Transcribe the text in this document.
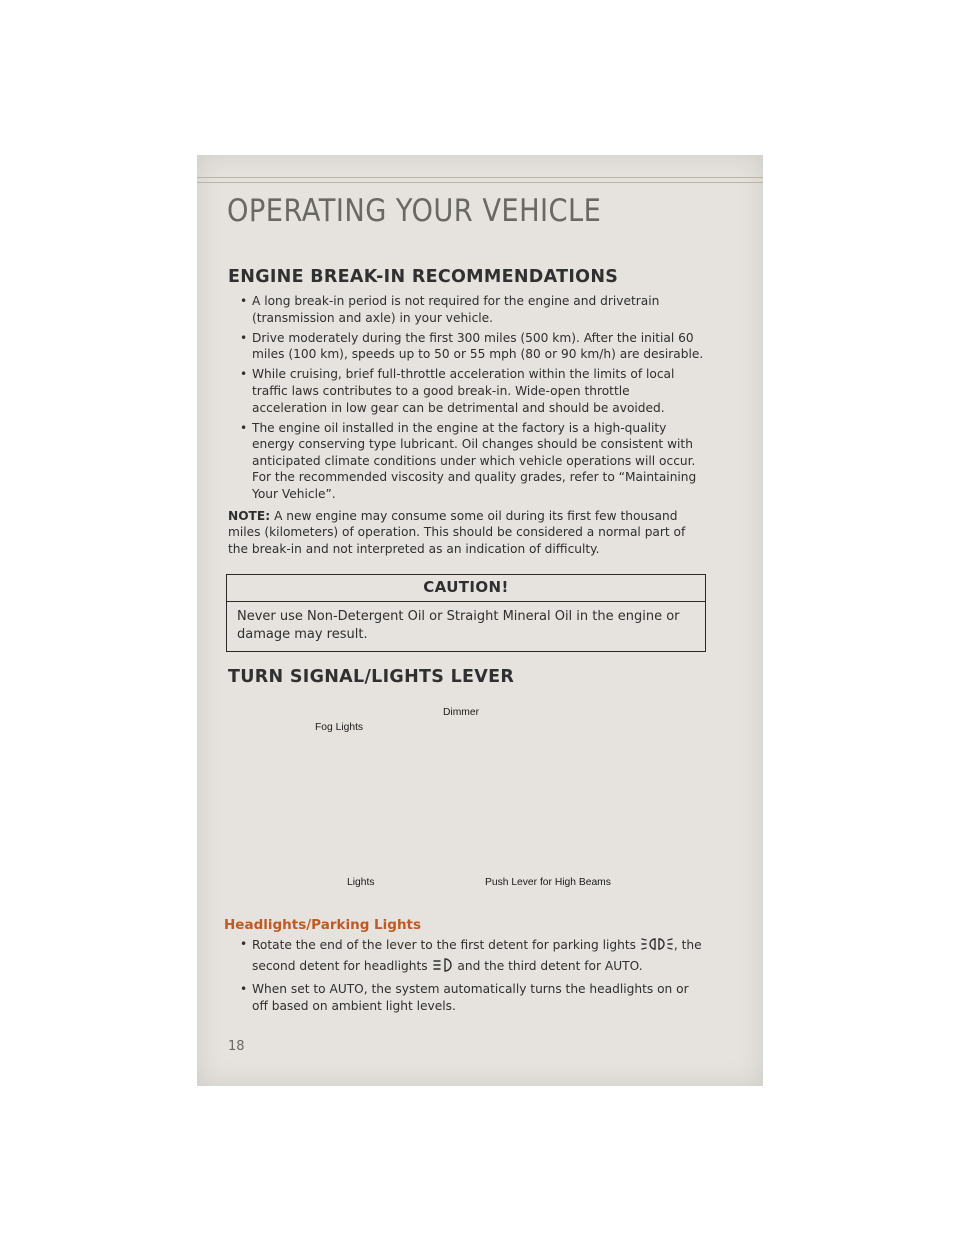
OPERATING YOUR VEHICLE
ENGINE BREAK-IN RECOMMENDATIONS
• A long break-in period is not required for the engine and drivetrain (transmission and axle) in your vehicle.
• Drive moderately during the first 300 miles (500 km). After the initial 60 miles (100 km), speeds up to 50 or 55 mph (80 or 90 km/h) are desirable.
• While cruising, brief full-throttle acceleration within the limits of local traffic laws contributes to a good break-in. Wide-open throttle acceleration in low gear can be detrimental and should be avoided.
• The engine oil installed in the engine at the factory is a high-quality energy conserving type lubricant. Oil changes should be consistent with anticipated climate conditions under which vehicle operations will occur. For the recommended viscosity and quality grades, refer to “Maintaining Your Vehicle”.

NOTE: A new engine may consume some oil during its first few thousand miles (kilometers) of operation. This should be considered a normal part of the break-in and not interpreted as an indication of difficulty.

CAUTION!
Never use Non-Detergent Oil or Straight Mineral Oil in the engine or damage may result.
TURN SIGNAL/LIGHTS LEVER
Dimmer
Fog Lights
Lights	Push Lever for High Beams
Headlights/Parking Lights
• Rotate the end of the lever to the first detent for parking lights	, the second detent for headlights and the third detent for AUTO.
• When set to AUTO, the system automatically turns the headlights on or off based on ambient light levels.
18
